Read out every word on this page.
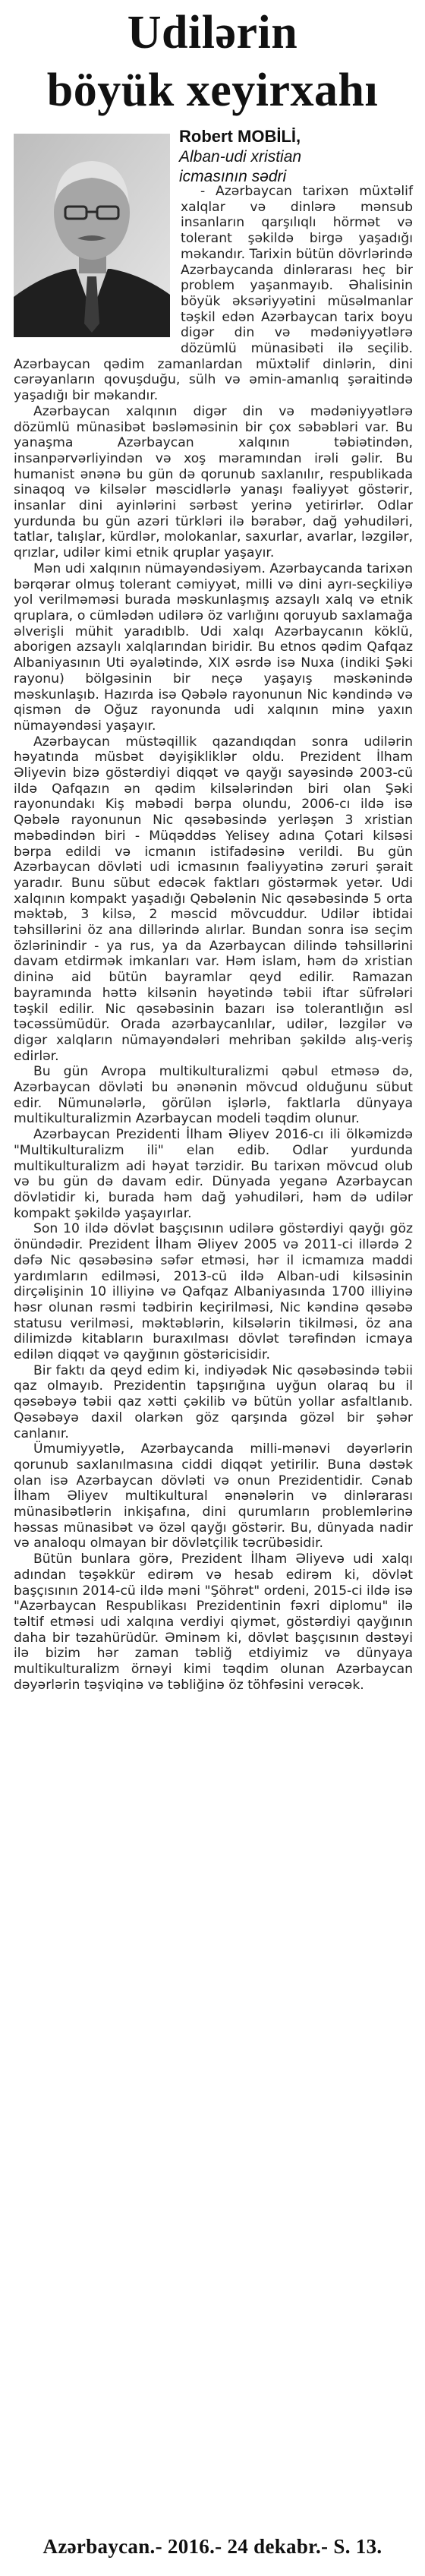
Udilərin
böyük xeyirxahı
Robert MOBİLİ,
Alban-udi xristian
icmasının sədri

- Azərbaycan tarixən müxtəlif xalqlar və dinlərə mənsub insanların qarşılıqlı hörmət və tolerant şəkildə birgə yaşadığı məkandır. Tarixin bütün dövrlərində Azərbaycanda dinlərarası heç bir problem yaşanmayıb. Əhalisinin böyük əksəriyyətini müsəlmanlar təşkil edən Azərbaycan tarix boyu digər din və mədəniyyətlərə dözümlü münasibəti ilə seçilib. Azərbaycan qədim zamanlardan müxtəlif dinlərin, dini cərəyanların qovuşduğu, sülh və əmin-amanlıq şəraitində yaşadığı bir məkandır.

Azərbaycan xalqının digər din və mədəniyyətlərə dözümlü münasibət bəsləməsinin bir çox səbəbləri var. Bu yanaşma Azərbaycan xalqının təbiətindən, insanpərvərliyindən və xoş məramından irəli gəlir. Bu humanist ənənə bu gün də qorunub saxlanılır, respublikada sinaqoq və kilsələr məscidlərlə yanaşı fəaliyyət göstərir, insanlar dini ayinlərini sərbəst yerinə yetirirlər. Odlar yurdunda bu gün azəri türkləri ilə bərabər, dağ yəhudiləri, tatlar, talışlar, kürdlər, molokanlar, saxurlar, avarlar, ləzgilər, qrızlar, udilər kimi etnik qruplar yaşayır.

Mən udi xalqının nümayəndəsiyəm. Azərbaycanda tarixən bərqərar olmuş tolerant cəmiyyət, milli və dini ayrı-seçkiliyə yol verilməməsi burada məskunlaşmış azsaylı xalq və etnik qruplara, o cümlədən udilərə öz varlığını qoruyub saxlamağa əlverişli mühit yaradıblb. Udi xalqı Azərbaycanın köklü, aborigen azsaylı xalqlarından biridir. Bu etnos qədim Qafqaz Albaniyasının Uti əyalətində, XIX əsrdə isə Nuxa (indiki Şəki rayonu) bölgəsinin bir neçə yaşayış məskənində məskunlaşıb. Hazırda isə Qəbələ rayonunun Nic kəndində və qismən də Oğuz rayonunda udi xalqının minə yaxın nümayəndəsi yaşayır.

Azərbaycan müstəqillik qazandıqdan sonra udilərin həyatında müsbət dəyişikliklər oldu. Prezident İlham Əliyevin bizə göstərdiyi diqqət və qayğı sayəsində 2003-cü ildə Qafqazın ən qədim kilsələrindən biri olan Şəki rayonundakı Kiş məbədi bərpa olundu, 2006-cı ildə isə Qəbələ rayonunun Nic qəsəbəsində yerləşən 3 xristian məbədindən biri - Müqəddəs Yelisey adına Çotari kilsəsi bərpa edildi və icmanın istifadəsinə verildi. Bu gün Azərbaycan dövləti udi icmasının fəaliyyətinə zəruri şərait yaradır. Bunu sübut edəcək faktları göstərmək yetər. Udi xalqının kompakt yaşadığı Qəbələnin Nic qəsəbəsində 5 orta məktəb, 3 kilsə, 2 məscid mövcuddur. Udilər ibtidai təhsillərini öz ana dillərində alırlar. Bundan sonra isə seçim özlərinindir - ya rus, ya da Azərbaycan dilində təhsillərini davam etdirmək imkanları var. Həm islam, həm də xristian dininə aid bütün bayramlar qeyd edilir. Ramazan bayramında həttə kilsənin həyətində təbii iftar süfrələri təşkil edilir. Nic qəsəbəsinin bazarı isə tolerantlığın əsl təcəssümüdür. Orada azərbaycanlılar, udilər, ləzgilər və digər xalqların nümayəndələri mehriban şəkildə alış-veriş edirlər.

Bu gün Avropa multikulturalizmi qəbul etməsə də, Azərbaycan dövləti bu ənənənin mövcud olduğunu sübut edir. Nümunələrlə, görülən işlərlə, faktlarla dünyaya multikulturalizmin Azərbaycan modeli təqdim olunur.

Azərbaycan Prezidenti İlham Əliyev 2016-cı ili ölkəmizdə "Multikulturalizm ili" elan edib. Odlar yurdunda multikulturalizm adi həyat tərzidir. Bu tarixən mövcud olub və bu gün də davam edir. Dünyada yeganə Azərbaycan dövlətidir ki, burada həm dağ yəhudiləri, həm də udilər kompakt şəkildə yaşayırlar.

Son 10 ildə dövlət başçısının udilərə göstərdiyi qayğı göz önündədir. Prezident İlham Əliyev 2005 və 2011-ci illərdə 2 dəfə Nic qəsəbəsinə səfər etməsi, hər il icmamıza maddi yardımların edilməsi, 2013-cü ildə Alban-udi kilsəsinin dirçəlişinin 10 illiyinə və Qafqaz Albaniyasında 1700 illiyinə həsr olunan rəsmi tədbirin keçirilməsi, Nic kəndinə qəsəbə statusu verilməsi, məktəblərin, kilsələrin tikilməsi, öz ana dilimizdə kitabların buraxılması dövlət tərəfindən icmaya edilən diqqət və qayğının göstəricisidir.

Bir faktı da qeyd edim ki, indiyədək Nic qəsəbəsində təbii qaz olmayıb. Prezidentin tapşırığına uyğun olaraq bu il qəsəbəyə təbii qaz xətti çəkilib və bütün yollar asfaltlanıb. Qəsəbəyə daxil olarkən göz qarşında gözəl bir şəhər canlanır.

Ümumiyyətlə, Azərbaycanda milli-mənəvi dəyərlərin qorunub saxlanılmasına ciddi diqqət yetirilir. Buna dəstək olan isə Azərbaycan dövləti və onun Prezidentidir. Cənab İlham Əliyev multikultural ənənələrin və dinlərarası münasibətlərin inkişafına, dini qurumların problemlərinə həssas münasibət və özəl qayğı göstərir. Bu, dünyada nadir və analoqu olmayan bir dövlətçilik təcrübəsidir.

Bütün bunlara görə, Prezident İlham Əliyevə udi xalqı adından təşəkkür edirəm və hesab edirəm ki, dövlət başçısının 2014-cü ildə məni "Şöhrət" ordeni, 2015-ci ildə isə "Azərbaycan Respublikası Prezidentinin fəxri diplomu" ilə təltif etməsi udi xalqına verdiyi qiymət, göstərdiyi qayğının daha bir təzahürüdür. Əminəm ki, dövlət başçısının dəstəyi ilə bizim hər zaman təbliğ etdiyimiz və dünyaya multikulturalizm örnəyi kimi təqdim olunan Azərbaycan dəyərlərin təşviqinə və təbliğinə öz töhfəsini verəcək.

Azərbaycan.- 2016.- 24 dekabr.- S. 13.
